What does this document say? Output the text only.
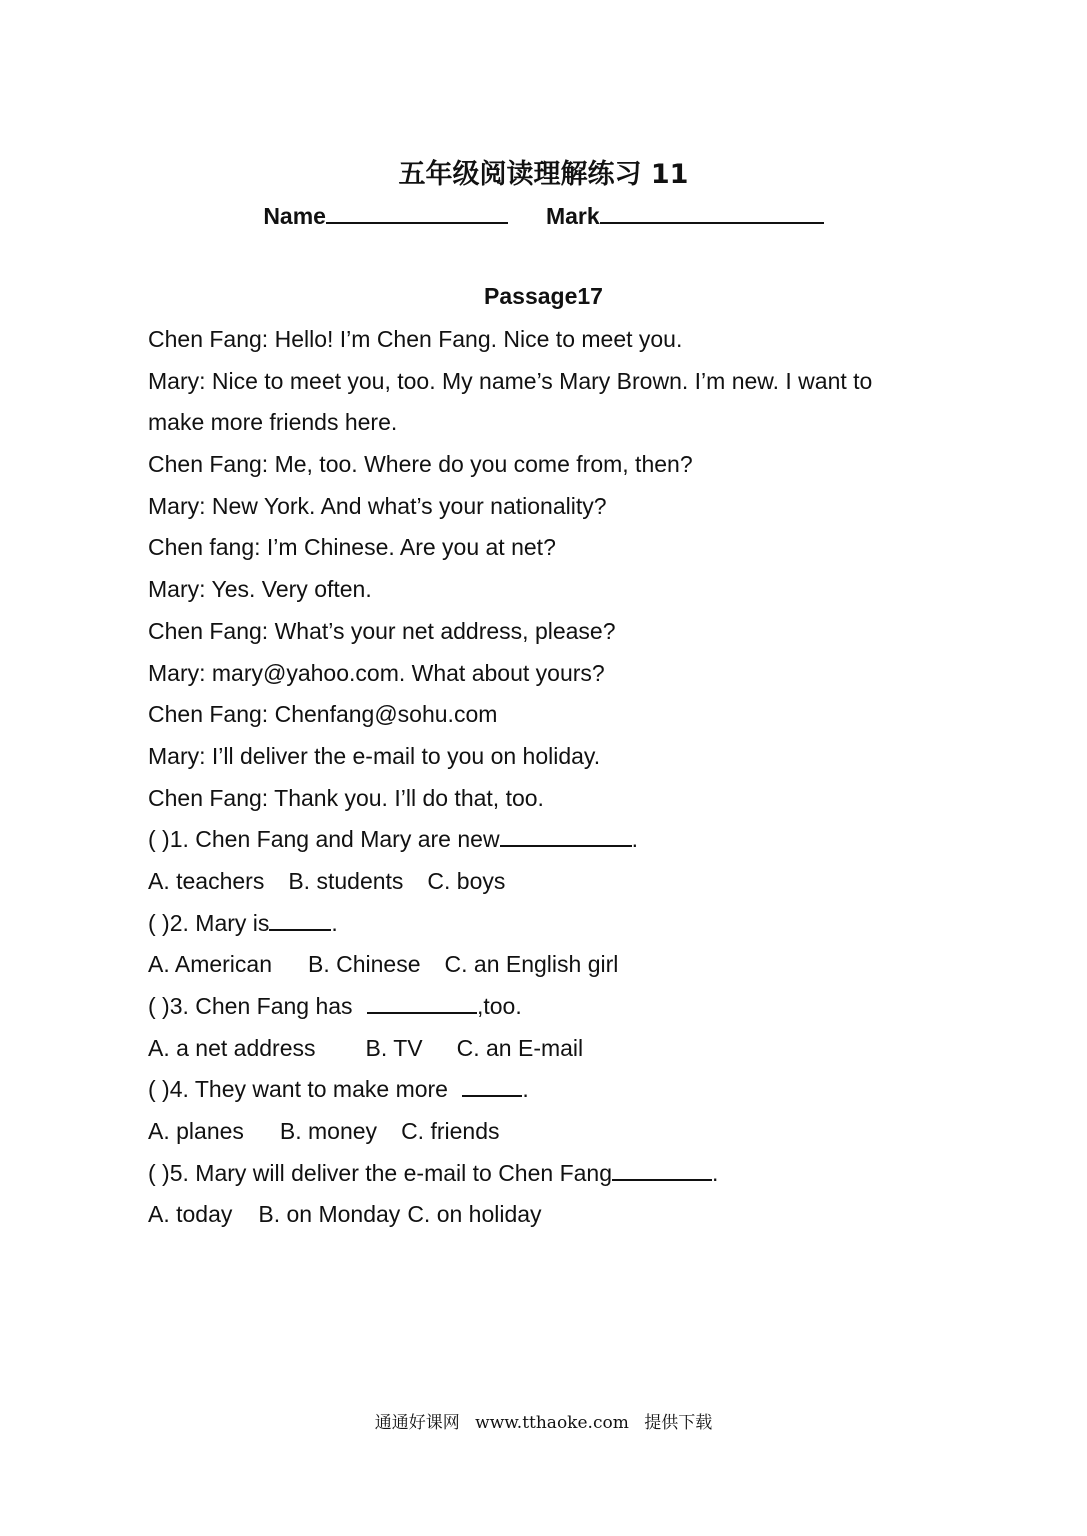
五年级阅读理解练习 11
Name	Mark
Passage17
Chen Fang: Hello! I’m Chen Fang. Nice to meet you.
Mary: Nice to meet you, too. My name’s Mary Brown. I’m new. I want to
make more friends here.
Chen Fang: Me, too. Where do you come from, then?
Mary: New York. And what’s your nationality?
Chen fang: I’m Chinese. Are you at net?
Mary: Yes. Very often.
Chen Fang: What’s your net address, please?
Mary: mary@yahoo.com. What about yours?
Chen Fang: Chenfang@sohu.com
Mary: I’ll deliver the e-mail to you on holiday.
Chen Fang: Thank you. I’ll do that, too.
( )1. Chen Fang and Mary are new	.
A. teachers B. students C. boys
( )2. Mary is	.
A. American B. Chinese C. an English girl
( )3. Chen Fang has	,too.
A. a net address B. TV C. an E-mail
( )4. They want to make more	.
A. planes B. money C. friends
( )5. Mary will deliver the e-mail to Chen Fang	.
A. today B. on Monday C. on holiday
通通好课网 www.tthaoke.com 提供下载
